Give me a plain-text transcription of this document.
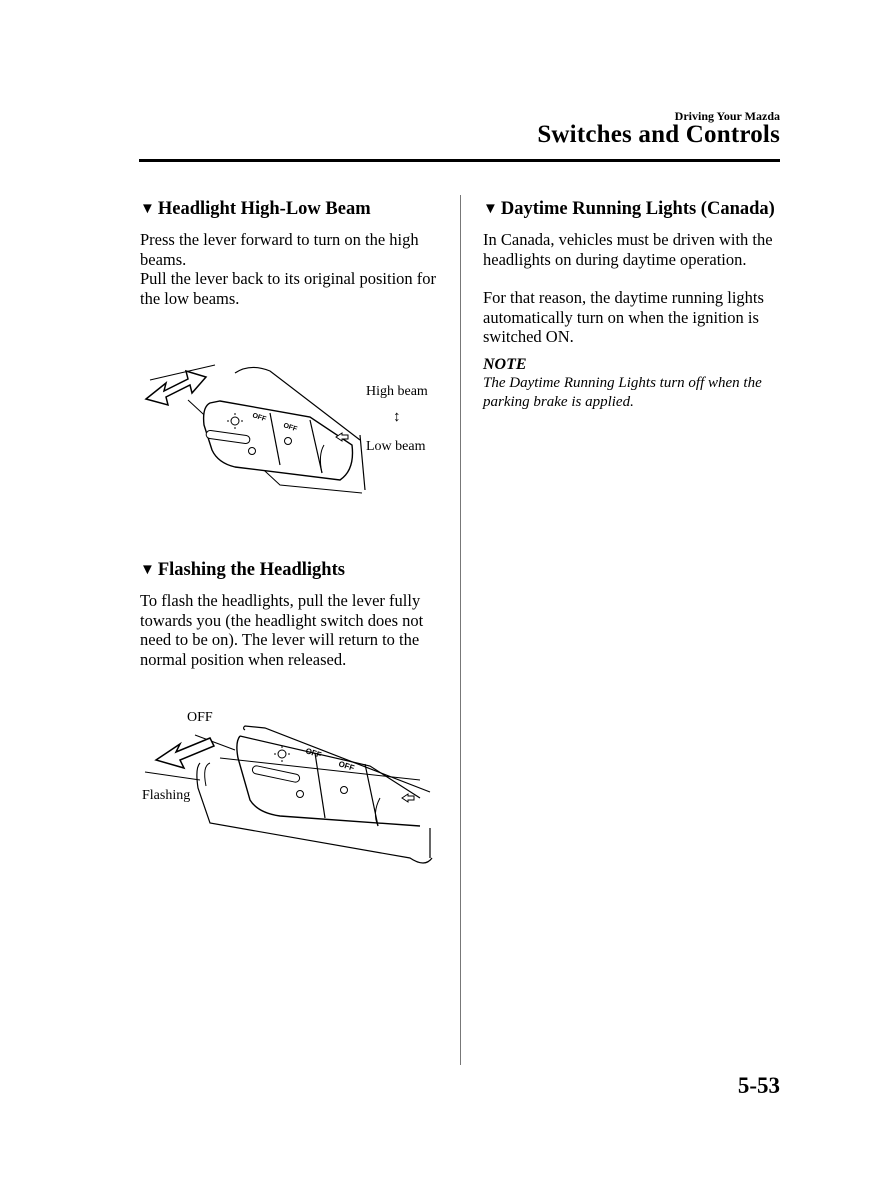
Driving Your Mazda
Switches and Controls
▼ Headlight High-Low Beam

Press the lever forward to turn on the high beams.

Pull the lever back to its original position for the low beams.

OFF
OFF
High beam
↕
Low beam
▼ Flashing the Headlights

To flash the headlights, pull the lever fully towards you (the headlight switch does not need to be on). The lever will return to the normal position when released.

OFF
OFF
OFF
Flashing
▼ Daytime Running Lights (Canada)

In Canada, vehicles must be driven with the headlights on during daytime operation.

For that reason, the daytime running lights automatically turn on when the ignition is switched ON.

NOTE

The Daytime Running Lights turn off when the parking brake is applied.

5-53
